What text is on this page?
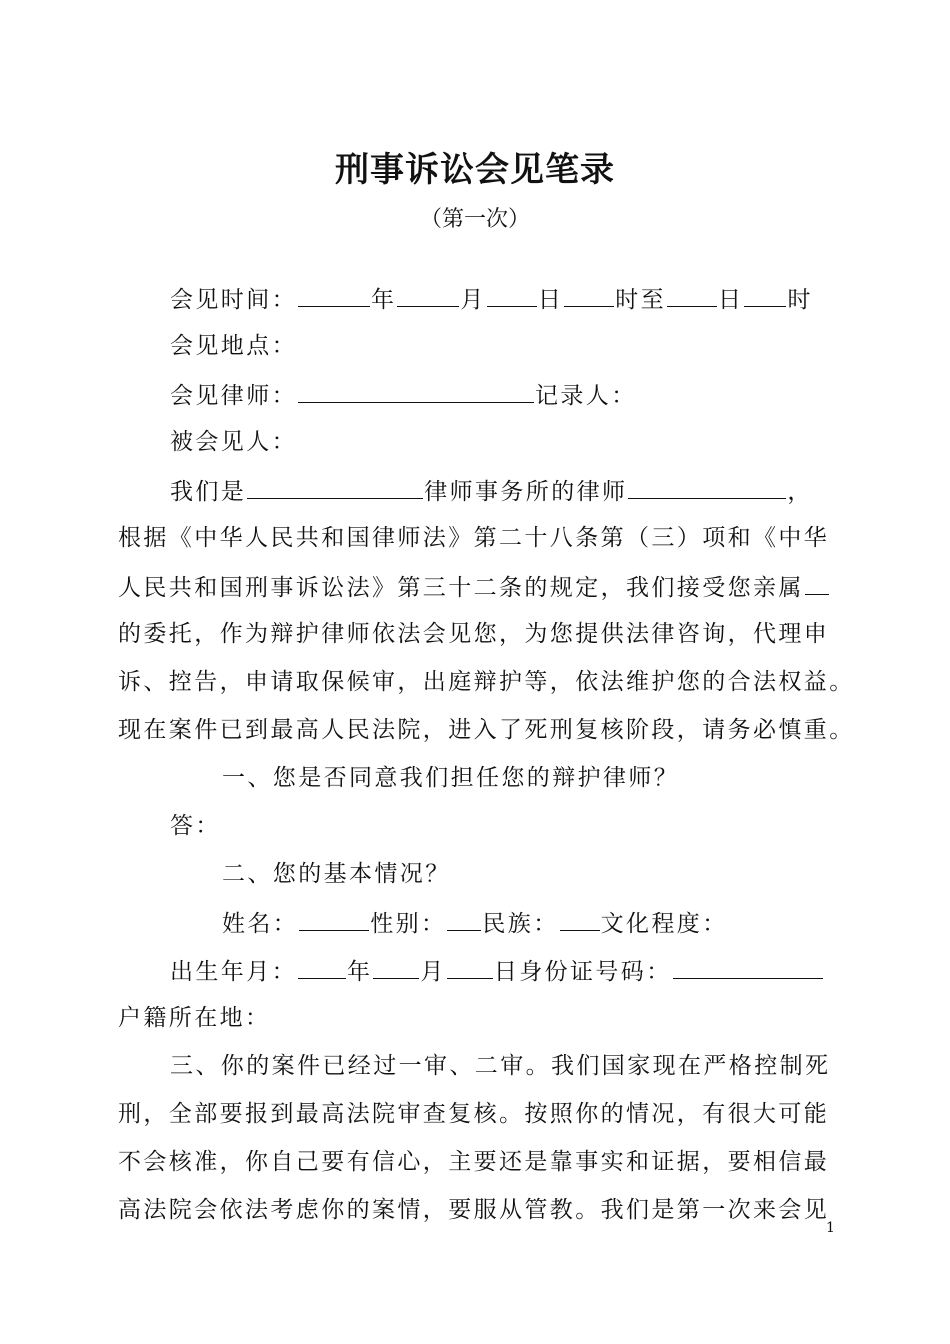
刑事诉讼会见笔录
（第一次）
会见时间：	年	月 日 时至 日 时
会见地点：
会见律师：	记录人：
被会见人：
我们是	律师事务所的律师	，
根据《中华人民共和国律师法》第二十八条第（三）项和《中华
人民共和国刑事诉讼法》第三十二条的规定，我们接受您亲属
的委托，作为辩护律师依法会见您，为您提供法律咨询，代理申
诉、控告，申请取保候审，出庭辩护等，依法维护您的合法权益。
现在案件已到最高人民法院，进入了死刑复核阶段，请务必慎重。
一、您是否同意我们担任您的辩护律师？
答：
二、您的基本情况？
姓名：	性别： 民族： 文化程度：
出生年月： 年 月 日身份证号码：
户籍所在地：
三、你的案件已经过一审、二审。我们国家现在严格控制死
刑，全部要报到最高法院审查复核。按照你的情况，有很大可能
不会核准，你自己要有信心，主要还是靠事实和证据，要相信最
高法院会依法考虑你的案情，要服从管教。我们是第一次来会见
1
